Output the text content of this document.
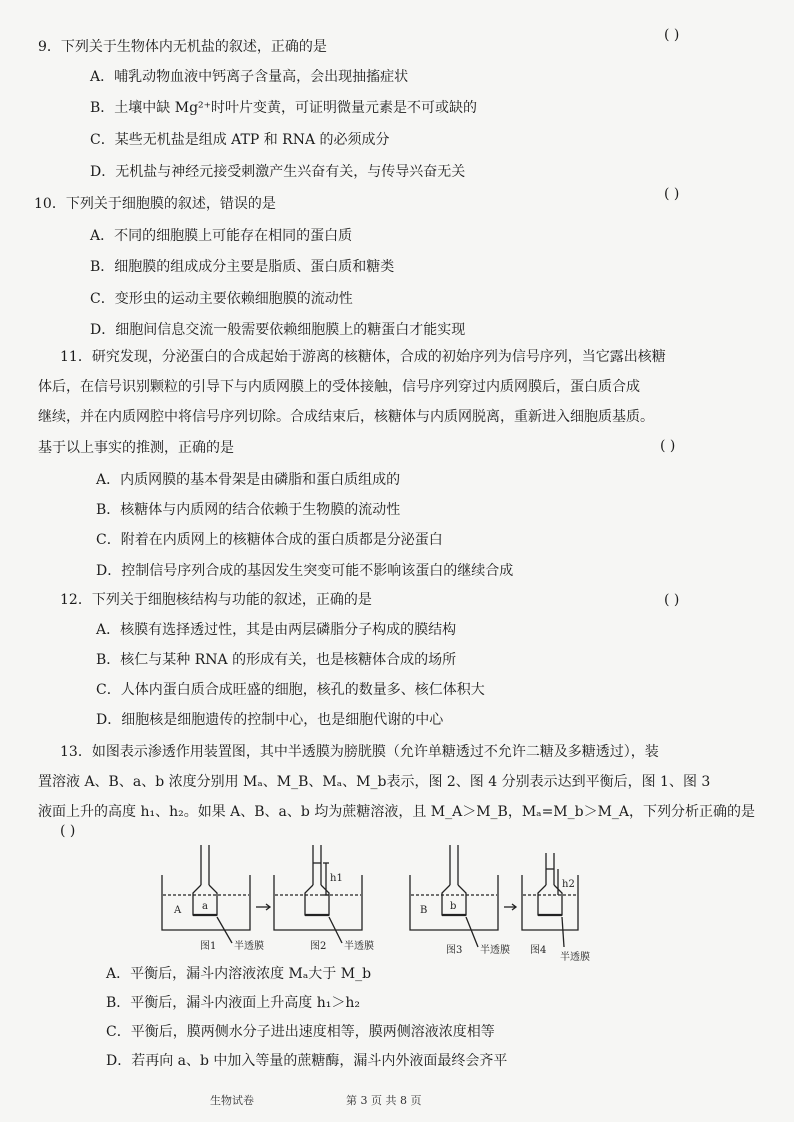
9．下列关于生物体内无机盐的叙述，正确的是
( )
A．哺乳动物血液中钙离子含量高，会出现抽搐症状
B．土壤中缺 Mg²⁺时叶片变黄，可证明微量元素是不可或缺的
C．某些无机盐是组成 ATP 和 RNA 的必须成分
D．无机盐与神经元接受刺激产生兴奋有关，与传导兴奋无关
10．下列关于细胞膜的叙述，错误的是
( )
A．不同的细胞膜上可能存在相同的蛋白质
B．细胞膜的组成成分主要是脂质、蛋白质和糖类
C．变形虫的运动主要依赖细胞膜的流动性
D．细胞间信息交流一般需要依赖细胞膜上的糖蛋白才能实现
11．研究发现，分泌蛋白的合成起始于游离的核糖体，合成的初始序列为信号序列，当它露出核糖
体后，在信号识别颗粒的引导下与内质网膜上的受体接触，信号序列穿过内质网膜后，蛋白质合成
继续，并在内质网腔中将信号序列切除。合成结束后，核糖体与内质网脱离，重新进入细胞质基质。
基于以上事实的推测，正确的是	( )
A．内质网膜的基本骨架是由磷脂和蛋白质组成的
B．核糖体与内质网的结合依赖于生物膜的流动性
C．附着在内质网上的核糖体合成的蛋白质都是分泌蛋白
D．控制信号序列合成的基因发生突变可能不影响该蛋白的继续合成
12．下列关于细胞核结构与功能的叙述，正确的是	( )
A．核膜有选择透过性，其是由两层磷脂分子构成的膜结构
B．核仁与某种 RNA 的形成有关，也是核糖体合成的场所
C．人体内蛋白质合成旺盛的细胞，核孔的数量多、核仁体积大
D．细胞核是细胞遗传的控制中心，也是细胞代谢的中心
13．如图表示渗透作用装置图，其中半透膜为膀胱膜（允许单糖透过不允许二糖及多糖透过），装
置溶液 A、B、a、b 浓度分别用 Mₐ、M_B、Mₐ、M_b表示，图 2、图 4 分别表示达到平衡后，图 1、图 3
液面上升的高度 h₁、h₂。如果 A、B、a、b 均为蔗糖溶液，且 M_A＞M_B，Mₐ=M_b＞M_A，下列分析正确的是
( )
A a
图1 半透膜	图2 半透膜
h1
B b
图3 半透膜 图4
半透膜
h2
A．平衡后，漏斗内溶液浓度 Mₐ大于 M_b
B．平衡后，漏斗内液面上升高度 h₁＞h₂
C．平衡后，膜两侧水分子进出速度相等，膜两侧溶液浓度相等
D．若再向 a、b 中加入等量的蔗糖酶，漏斗内外液面最终会齐平
生物试卷	第 3 页 共 8 页
